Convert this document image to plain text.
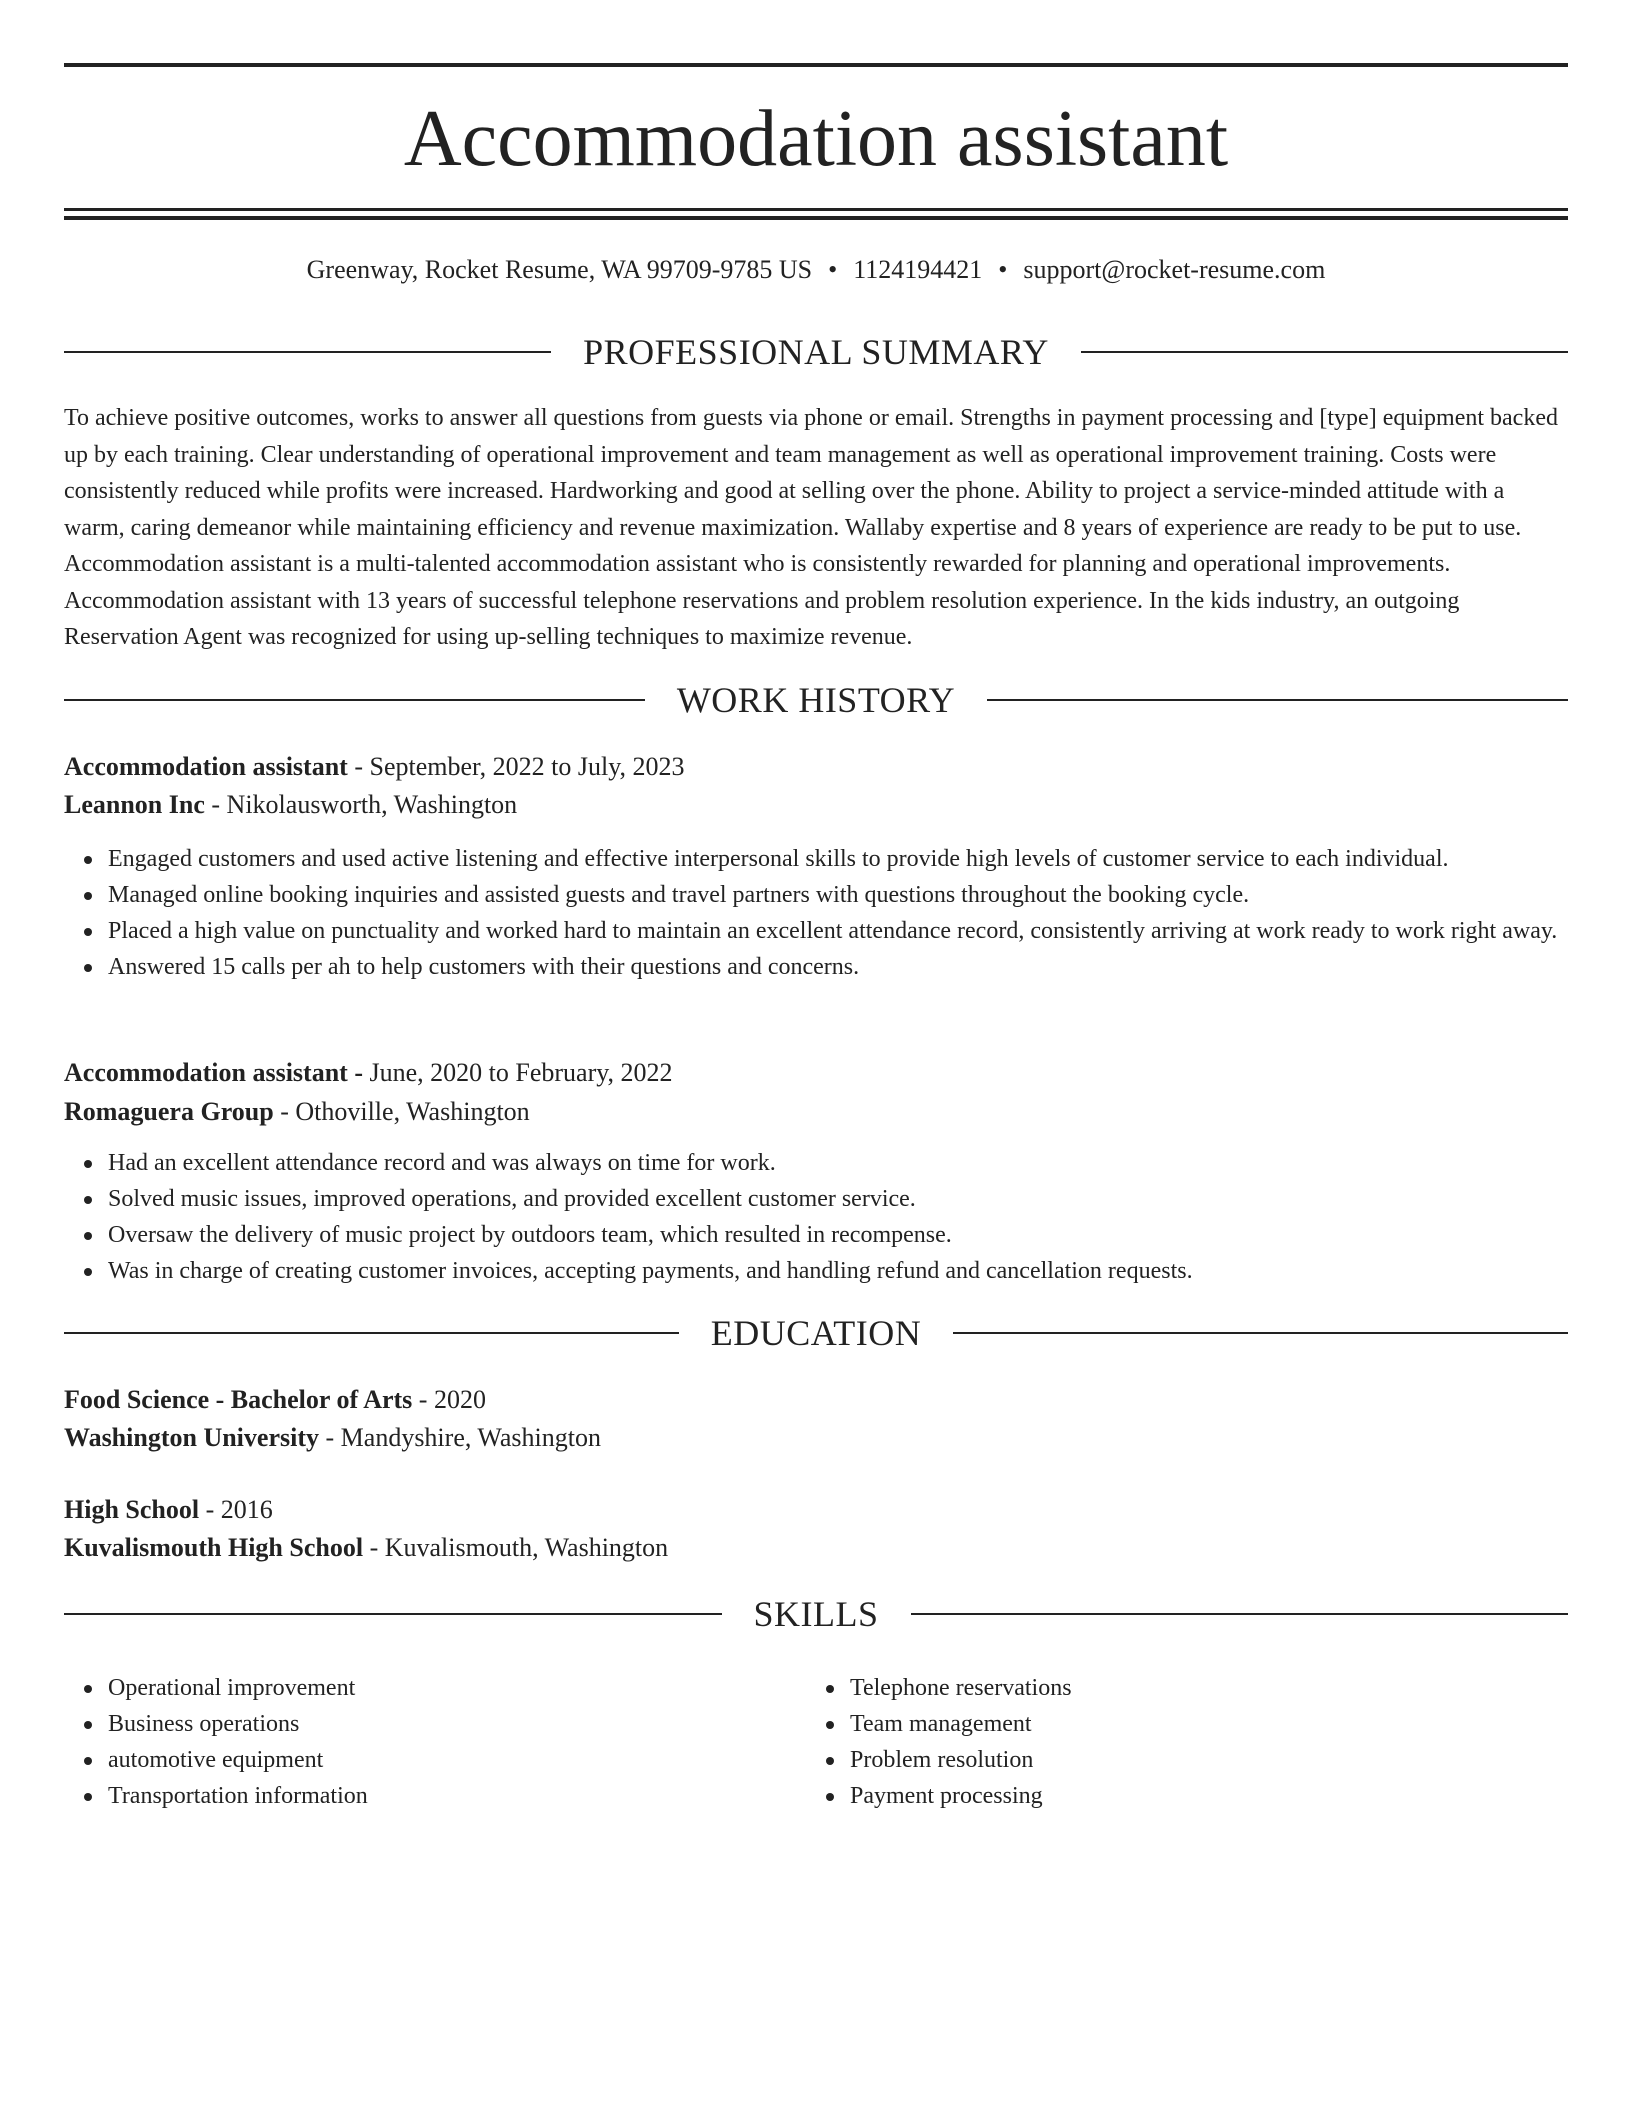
Accommodation assistant
Greenway, Rocket Resume, WA 99709-9785 US • 1124194421 • support@rocket-resume.com
PROFESSIONAL SUMMARY

To achieve positive outcomes, works to answer all questions from guests via phone or email. Strengths in payment processing and [type] equipment backed up by each training. Clear understanding of operational improvement and team management as well as operational improvement training. Costs were consistently reduced while profits were increased. Hardworking and good at selling over the phone. Ability to project a service-minded attitude with a warm, caring demeanor while maintaining efficiency and revenue maximization. Wallaby expertise and 8 years of experience are ready to be put to use. Accommodation assistant is a multi-talented accommodation assistant who is consistently rewarded for planning and operational improvements. Accommodation assistant with 13 years of successful telephone reservations and problem resolution experience. In the kids industry, an outgoing Reservation Agent was recognized for using up-selling techniques to maximize revenue.

WORK HISTORY
Accommodation assistant - September, 2022 to July, 2023
Leannon Inc - Nikolausworth, Washington
Engaged customers and used active listening and effective interpersonal skills to provide high levels of customer service to each individual.
Managed online booking inquiries and assisted guests and travel partners with questions throughout the booking cycle.
Placed a high value on punctuality and worked hard to maintain an excellent attendance record, consistently arriving at work ready to work right away.
Answered 15 calls per ah to help customers with their questions and concerns.
Accommodation assistant - June, 2020 to February, 2022
Romaguera Group - Othoville, Washington
Had an excellent attendance record and was always on time for work.
Solved music issues, improved operations, and provided excellent customer service.
Oversaw the delivery of music project by outdoors team, which resulted in recompense.
Was in charge of creating customer invoices, accepting payments, and handling refund and cancellation requests.
EDUCATION
Food Science - Bachelor of Arts - 2020
Washington University - Mandyshire, Washington
High School - 2016
Kuvalismouth High School - Kuvalismouth, Washington
SKILLS
Operational improvement
Business operations
automotive equipment
Transportation information
Telephone reservations
Team management
Problem resolution
Payment processing
